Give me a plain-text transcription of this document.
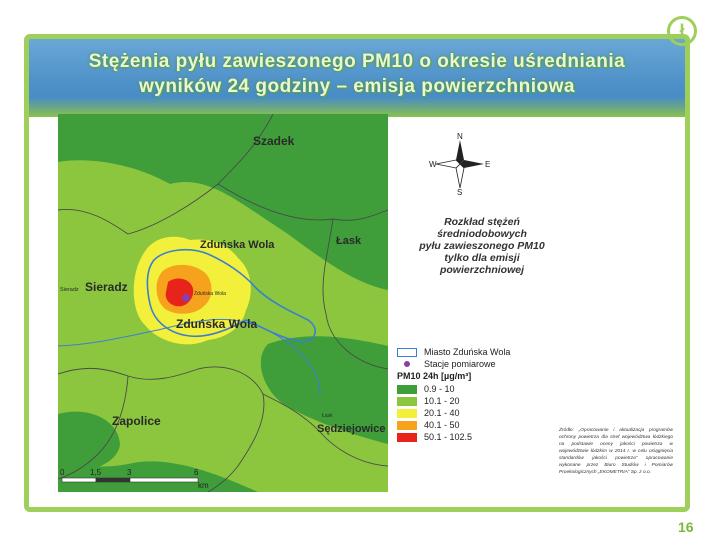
Stężenia pyłu zawieszonego PM10 o okresie uśredniania
wyników 24 godziny – emisja powierzchniowa
ł
Szadek
Zduńska Wola	Łask
Sieradz Sieradz	Zduńska Wola
Zduńska Wola
Zapolice	Łask
Sędziejowice
0	1,5	3	6
km
N
S
W	E
Rozkład stężeń
średniodobowych
pyłu zawieszonego PM10
tylko dla emisji
powierzchniowej
Miasto Zduńska Wola
Stacje pomiarowe
PM10 24h [µg/m³]
0.9 - 10
10.1 - 20
20.1 - 40
40.1 - 50
50.1 - 102.5
Źródło: „Opracowanie i aktualizacja programów ochrony powietrza dla stref województwa łódzkiego na podstawie oceny jakości powietrza w województwie łódzkim w 2014 r. w celu osiągnięcia standardów jakości powietrza” opracowanie wykonane przez Biuro Studiów i Pomiarów Proekologicznych „EKOMETRIA” Sp. z o.o.
16
